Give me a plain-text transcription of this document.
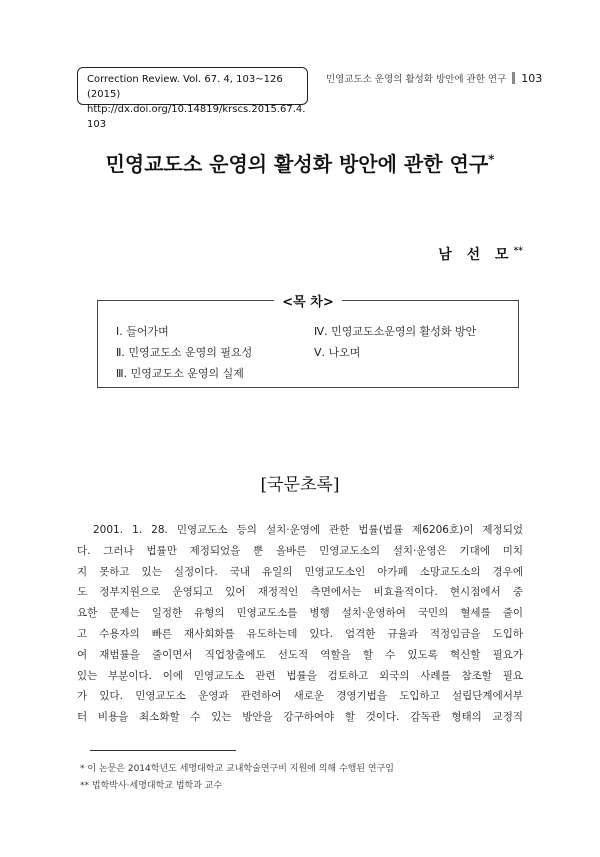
Correction Review. Vol. 67. 4, 103~126 (2015)
http://dx.doi.org/10.14819/krscs.2015.67.4. 103
민영교도소 운영의 활성화 방안에 관한 연구 103
민영교도소 운영의 활성화 방안에 관한 연구*
남 선 모**
<목 차>
Ⅰ. 들어가며
Ⅱ. 민영교도소 운영의 필요성
Ⅲ. 민영교도소 운영의 실제
Ⅳ. 민영교도소운영의 활성화 방안
Ⅴ. 나오며
[국문초록]
2001. 1. 28. 민영교도소 등의 설치·운영에 관한 법률(법률 제6206호)이 제정되었
다. 그러나 법률만 제정되었을 뿐 올바른 민영교도소의 설치·운영은 기대에 미치
지 못하고 있는 실정이다. 국내 유일의 민영교도소인 아가페 소망교도소의 경우에
도 정부지원으로 운영되고 있어 재정적인 측면에서는 비효율적이다. 현시점에서 중
요한 문제는 일정한 유형의 민영교도소를 병행 설치·운영하여 국민의 혈세를 줄이
고 수용자의 빠른 재사회화를 유도하는데 있다. 엄격한 규율과 적정임금을 도입하
여 재범률을 줄이면서 직업창출에도 선도적 역할을 할 수 있도록 혁신할 필요가
있는 부분이다. 이에 민영교도소 관련 법률을 검토하고 외국의 사례를 참조할 필요
가 있다. 민영교도소 운영과 관련하여 새로운 경영기법을 도입하고 설립단계에서부
터 비용을 최소화할 수 있는 방안을 강구하여야 할 것이다. 감독관 형태의 교정직
* 이 논문은 2014학년도 세명대학교 교내학술연구비 지원에 의해 수행된 연구임
** 법학박사·세명대학교 법학과 교수
